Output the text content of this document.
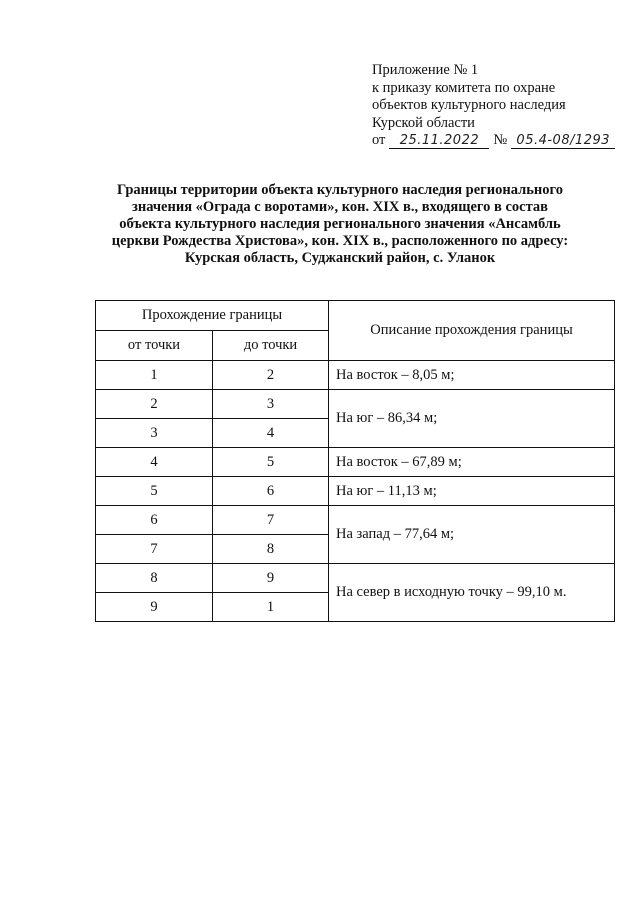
Приложение № 1
к приказу комитета по охране
объектов культурного наследия
Курской области
от 25.11.2022 № 05.4-08/1293
Границы территории объекта культурного наследия регионального
значения «Ограда с воротами», кон. XIX в., входящего в состав
объекта культурного наследия регионального значения «Ансамбль
церкви Рождества Христова», кон. XIX в., расположенного по адресу:
Курская область, Суджанский район, с. Уланок
Прохождение границы		Описание прохождения границы
от точки	до точки	
1	2	На восток – 8,05 м;
2	3	На юг – 86,34 м;
3	4	
4	5	На восток – 67,89 м;
5	6	На юг – 11,13 м;
6	7	На запад – 77,64 м;
7	8	
8	9	На север в исходную точку – 99,10 м.
9	1	
